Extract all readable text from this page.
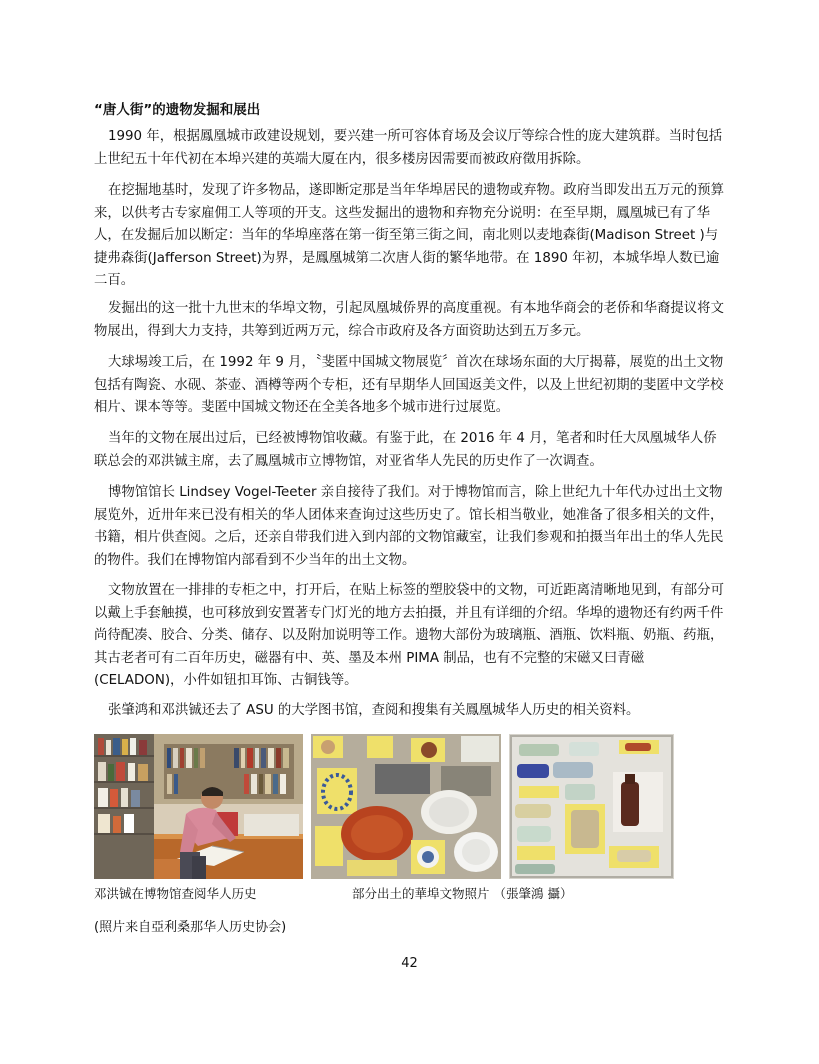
“唐人街”的遗物发掘和展出

1990 年，根据鳳凰城市政建设规划，要兴建一所可容体育场及会议厅等综合性的庞大建筑群。当时包括上世纪五十年代初在本埠兴建的英端大厦在内，很多楼房因需要而被政府徵用拆除。

在挖掘地基时，发现了许多物品，遂即断定那是当年华埠居民的遗物或弃物。政府当即发出五万元的预算来，以供考古专家雇佣工人等项的开支。这些发掘出的遗物和弃物充分说明：在至早期，鳳凰城已有了华人，在发掘后加以断定：当年的华埠座落在第一街至第三街之间，南北则以麦地森街(Madison Street )与捷弗森街(Jafferson Street)为界，是鳳凰城第二次唐人街的繁华地带。在 1890 年初，本城华埠人数已逾二百。

发掘出的这一批十九世末的华埠文物，引起凤凰城侨界的高度重视。有本地华商会的老侨和华裔提议将文物展出，得到大力支持，共筹到近两万元，综合市政府及各方面资助达到五万多元。

大球埸竣工后，在 1992 年 9 月，〝斐匿中国城文物展览〞首次在球场东面的大厅揭幕，展览的出土文物包括有陶瓷、水砚、茶壶、酒樽等两个专柜，还有早期华人回国返美文件，以及上世纪初期的斐匿中文学校相片、课本等等。斐匿中国城文物还在全美各地多个城市进行过展览。

当年的文物在展出过后，已经被博物馆收藏。有鉴于此，在 2016 年 4 月，笔者和时任大凤凰城华人侨联总会的邓洪铖主席，去了鳳凰城市立博物馆，对亚省华人先民的历史作了一次调查。

博物馆馆长 Lindsey Vogel-Teeter 亲自接待了我们。对于博物馆而言，除上世纪九十年代办过出土文物展览外，近卅年来已没有相关的华人团体来查询过这些历史了。馆长相当敬业，她准备了很多相关的文件，书籍，相片供查阅。之后，还亲自带我们进入到内部的文物馆藏室，让我们参观和拍摄当年出土的华人先民的物件。我们在博物馆内部看到不少当年的出土文物。

文物放置在一排排的专柜之中，打开后，在贴上标签的塑胶袋中的文物，可近距离清晰地见到，有部分可以戴上手套触摸，也可移放到安置著专门灯光的地方去拍摄，并且有详细的介绍。华埠的遗物还有约两千件尚待配凑、胶合、分类、储存、以及附加说明等工作。遗物大部份为玻璃瓶、酒瓶、饮料瓶、奶瓶、药瓶，其古老者可有二百年历史，磁器有中、英、墨及本州 PIMA 制品，也有不完整的宋磁又曰青磁 (CELADON)，小件如钮扣耳饰、古铜钱等。

张肇鸿和邓洪铖还去了 ASU 的大学图书馆，查阅和搜集有关鳳凰城华人历史的相关资料。

邓洪铖在博物馆查阅华人历史	部分出土的華埠文物照片 （張肇鴻 攝）
(照片来自亞利桑那华人历史协会)
42
